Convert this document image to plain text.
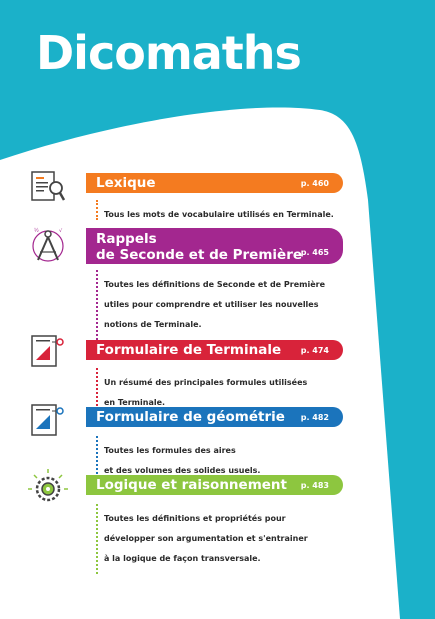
Dicomaths
Lexique	p. 460

Tous les mots de vocabulaire utilisés en Terminale.

½	√	Rappels
de Seconde et de Première
p. 465

Toutes les définitions de Seconde et de Première

utiles pour comprendre et utiliser les nouvelles

notions de Terminale.

Formulaire de Terminale p. 474

Un résumé des principales formules utilisées

en Terminale.

Formulaire de géométrie p. 482

Toutes les formules des aires

et des volumes des solides usuels.

Logique et raisonnement p. 483

Toutes les définitions et propriétés pour

développer son argumentation et s'entrainer

à la logique de façon transversale.
